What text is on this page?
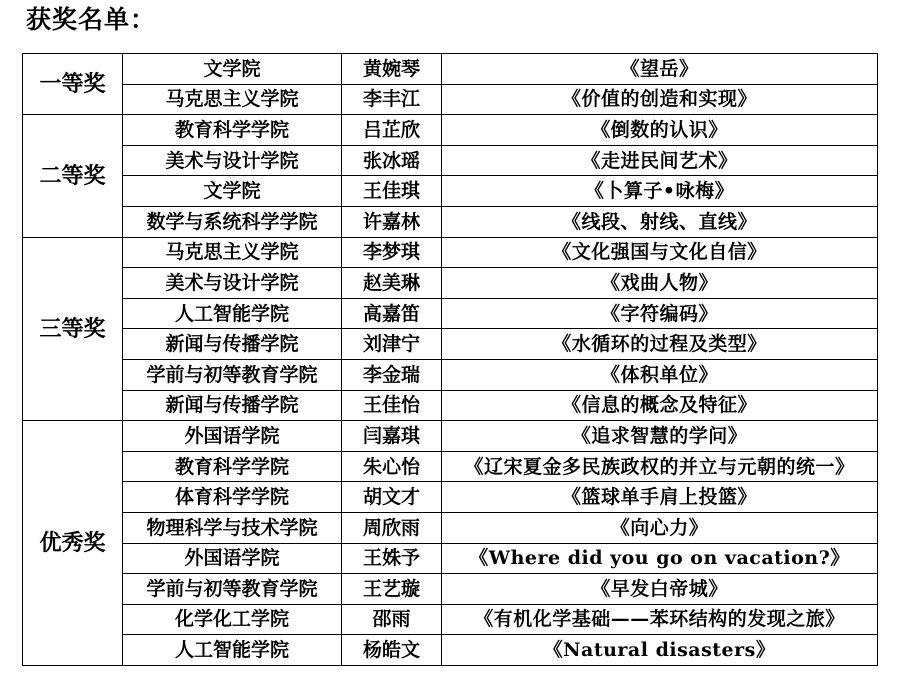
获奖名单：
一等奖	文学院	黄婉琴	《望岳》
	马克思主义学院	李丰江	《价值的创造和实现》
二等奖	教育科学学院	吕芷欣	《倒数的认识》
	美术与设计学院	张冰瑶	《走进民间艺术》
	文学院	王佳琪	《卜算子•咏梅》
	数学与系统科学学院	许嘉林	《线段、射线、直线》
三等奖	马克思主义学院	李梦琪	《文化强国与文化自信》
	美术与设计学院	赵美琳	《戏曲人物》
	人工智能学院	高嘉笛	《字符编码》
	新闻与传播学院	刘津宁	《水循环的过程及类型》
	学前与初等教育学院	李金瑞	《体积单位》
	新闻与传播学院	王佳怡	《信息的概念及特征》
优秀奖	外国语学院	闫嘉琪	《追求智慧的学问》
	教育科学学院	朱心怡	《辽宋夏金多民族政权的并立与元朝的统一》
	体育科学学院	胡文才	《篮球单手肩上投篮》
	物理科学与技术学院	周欣雨	《向心力》
	外国语学院	王姝予	《Where did you go on vacation?》
	学前与初等教育学院	王艺璇	《早发白帝城》
	化学化工学院	邵雨	《有机化学基础——苯环结构的发现之旅》
	人工智能学院	杨皓文	《Natural disasters》
